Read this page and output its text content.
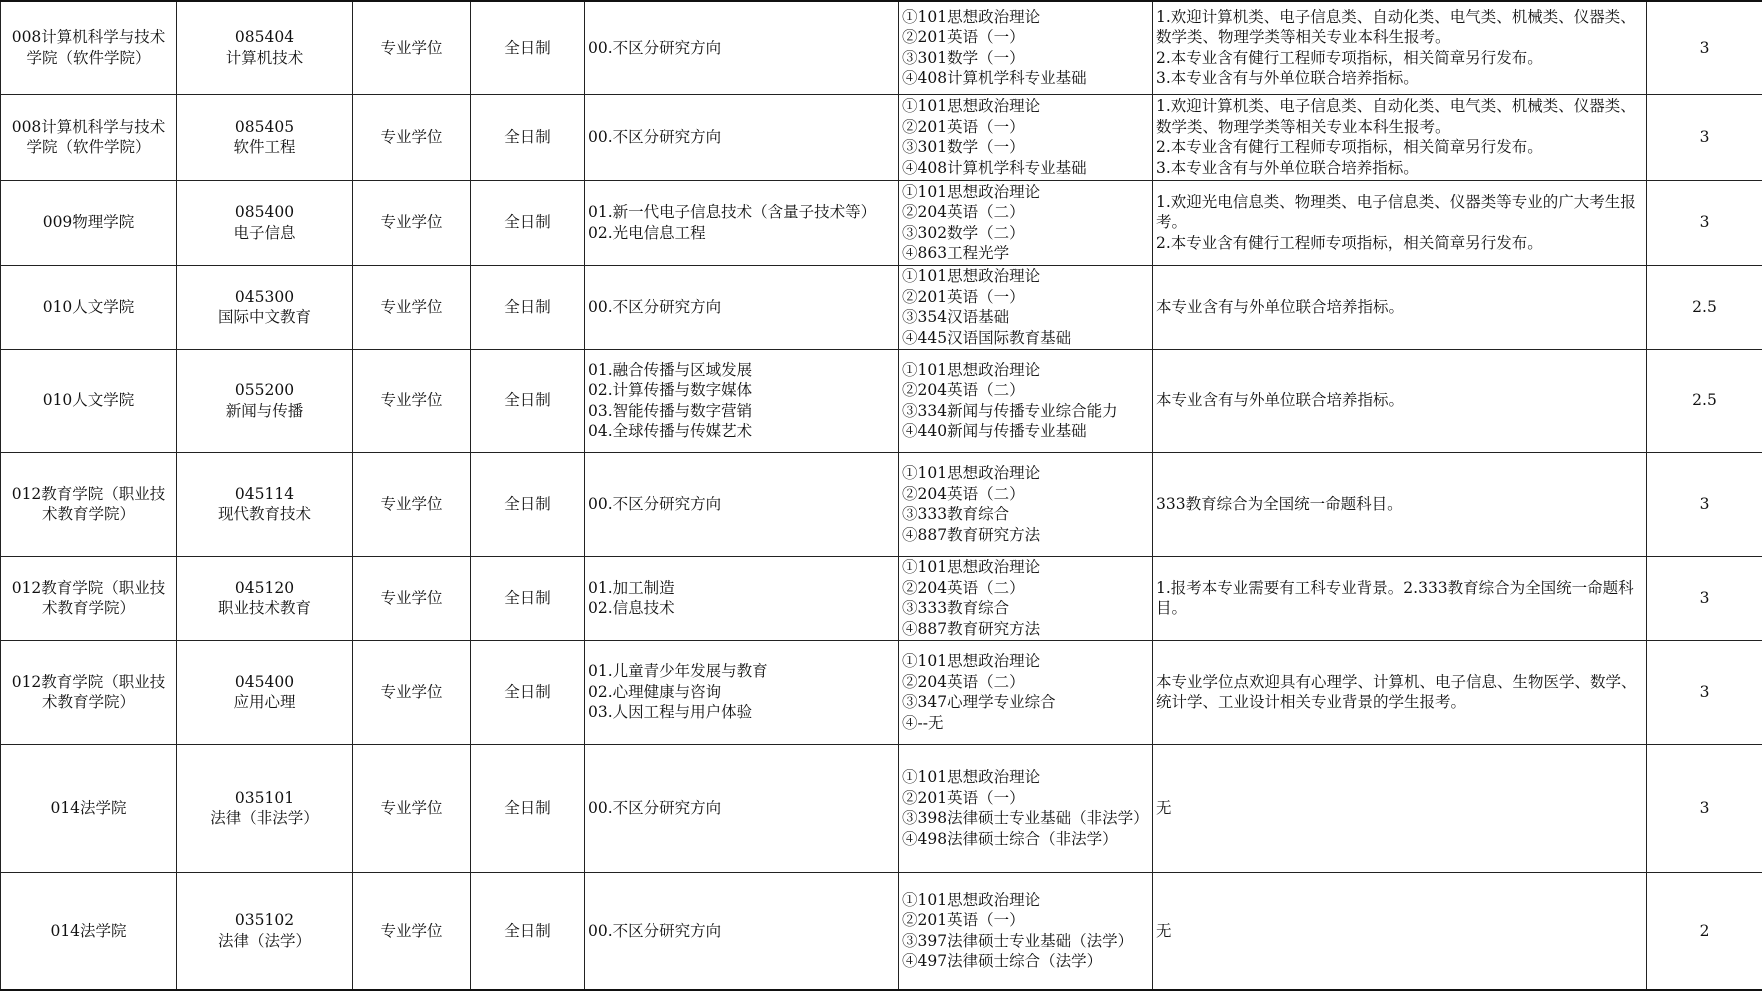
008计算机科学与技术学院（软件学院）	085404
计算机技术	专业学位	全日制	00.不区分研究方向	①101思想政治理论
②201英语（一）
③301数学（一）
④408计算机学科专业基础	1.欢迎计算机类、电子信息类、自动化类、电气类、机械类、仪器类、数学类、物理学类等相关专业本科生报考。
2.本专业含有健行工程师专项指标，相关简章另行发布。
3.本专业含有与外单位联合培养指标。	3

008计算机科学与技术学院（软件学院）	085405
软件工程	专业学位	全日制	00.不区分研究方向	①101思想政治理论
②201英语（一）
③301数学（一）
④408计算机学科专业基础	1.欢迎计算机类、电子信息类、自动化类、电气类、机械类、仪器类、数学类、物理学类等相关专业本科生报考。
2.本专业含有健行工程师专项指标，相关简章另行发布。
3.本专业含有与外单位联合培养指标。	3

009物理学院	085400
电子信息	专业学位	全日制	01.新一代电子信息技术（含量子技术等）
02.光电信息工程	①101思想政治理论
②204英语（二）
③302数学（二）
④863工程光学	1.欢迎光电信息类、物理类、电子信息类、仪器类等专业的广大考生报考。
2.本专业含有健行工程师专项指标，相关简章另行发布。	3

010人文学院	045300
国际中文教育	专业学位	全日制	00.不区分研究方向	①101思想政治理论
②201英语（一）
③354汉语基础
④445汉语国际教育基础	本专业含有与外单位联合培养指标。	2.5

010人文学院	055200
新闻与传播	专业学位	全日制	01.融合传播与区域发展
02.计算传播与数字媒体
03.智能传播与数字营销
04.全球传播与传媒艺术	①101思想政治理论
②204英语（二）
③334新闻与传播专业综合能力
④440新闻与传播专业基础	本专业含有与外单位联合培养指标。	2.5

012教育学院（职业技术教育学院）	045114
现代教育技术	专业学位	全日制	00.不区分研究方向	①101思想政治理论
②204英语（二）
③333教育综合
④887教育研究方法	333教育综合为全国统一命题科目。	3

012教育学院（职业技术教育学院）	045120
职业技术教育	专业学位	全日制	01.加工制造
02.信息技术	①101思想政治理论
②204英语（二）
③333教育综合
④887教育研究方法	1.报考本专业需要有工科专业背景。2.333教育综合为全国统一命题科目。	3

012教育学院（职业技术教育学院）	045400
应用心理	专业学位	全日制	01.儿童青少年发展与教育
02.心理健康与咨询
03.人因工程与用户体验	①101思想政治理论
②204英语（二）
③347心理学专业综合
④--无	本专业学位点欢迎具有心理学、计算机、电子信息、生物医学、数学、统计学、工业设计相关专业背景的学生报考。	3

014法学院	035101
法律（非法学）	专业学位	全日制	00.不区分研究方向	①101思想政治理论
②201英语（一）
③398法律硕士专业基础（非法学）
④498法律硕士综合（非法学）	无	3

014法学院	035102
法律（法学）	专业学位	全日制	00.不区分研究方向	①101思想政治理论
②201英语（一）
③397法律硕士专业基础（法学）
④497法律硕士综合（法学）	无	2
